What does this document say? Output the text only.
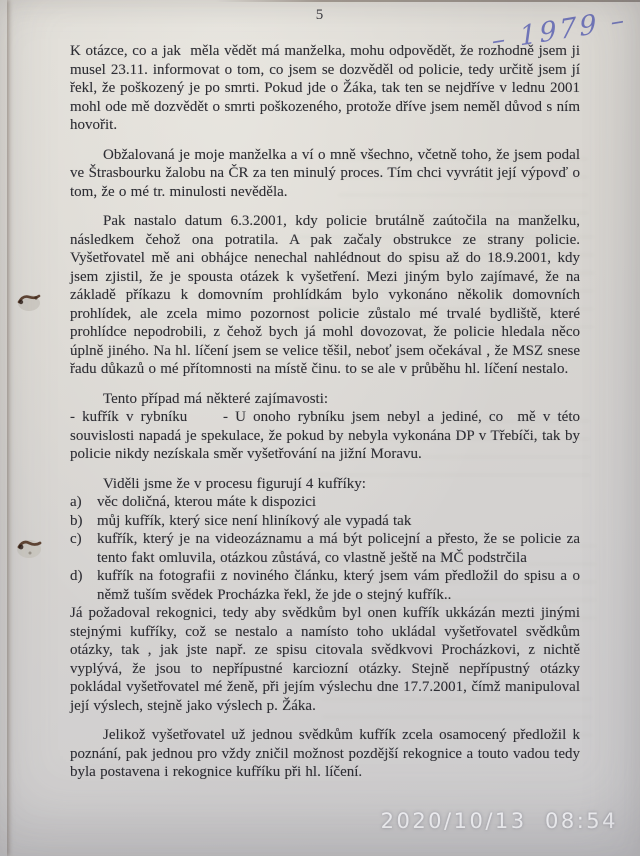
5	– 1979 –

K otázce, co a jak  měla vědět má manželka, mohu odpovědět, že rozhodně jsem ji musel 23.11. informovat o tom, co jsem se dozvěděl od policie, tedy určitě jsem jí řekl, že poškozený je po smrti. Pokud jde o Žáka, tak ten se nejdříve v lednu 2001 mohl ode mě dozvědět o smrti poškozeného, protože dříve jsem neměl důvod s ním hovořit.

Obžalovaná je moje manželka a ví o mně všechno, včetně toho, že jsem podal ve Štrasbourku žalobu na ČR za ten minulý proces. Tím chci vyvrátit její výpovď o tom, že o mé tr. minulosti nevěděla.

Pak nastalo datum 6.3.2001, kdy policie brutálně zaútočila na manželku, následkem čehož ona potratila. A pak začaly obstrukce ze strany policie. Vyšetřovatel mě ani obhájce nenechal nahlédnout do spisu až do 18.9.2001, kdy jsem zjistil, že je spousta otázek k vyšetření. Mezi jiným bylo zajímavé, že na základě příkazu k domovním prohlídkám bylo vykonáno několik domovních prohlídek, ale zcela mimo pozornost policie zůstalo mé trvalé bydliště, které prohlídce nepodrobili, z čehož bych já mohl dovozovat, že policie hledala něco úplně jiného. Na hl. líčení jsem se velice těšil, neboť jsem očekával , že MSZ snese řadu důkazů o mé přítomnosti na místě činu. to se ale v průběhu hl. líčení nestalo.

Tento případ má některé zajímavosti:

- kufřík v rybníku     - U onoho rybníku jsem nebyl a jediné, co  mě v této souvislosti napadá je spekulace, že pokud by nebyla vykonána DP v Třebíči, tak by policie nikdy nezískala směr vyšetřování na jižní Moravu.

Viděli jsme že v procesu figurují 4 kufříky:

a)	věc doličná, kterou máte k dispozici
b) můj kufřík, který sice není hliníkový ale vypadá tak
c)	kufřík, který je na videozáznamu a má být policejní a přesto, že se policie za tento fakt omluvila, otázkou zůstává, co vlastně ještě na MČ podstrčila
d) kufřík na fotografii z noviného článku, který jsem vám předložil do spisu a o němž tuším svědek Procházka řekl, že jde o stejný kufřík..

Já požadoval rekognici, tedy aby svědkům byl onen kufřík ukkázán mezti jinými stejnými kufříky, což se nestalo a namísto toho ukládal vyšetřovatel svědkům otázky, tak , jak jste např. ze spisu citovala svědkvovi Procházkovi, z nichtě vyplývá, že jsou to nepřípustné karciozní otázky. Stejně nepřípustný otázky pokládal vyšetřovatel mé ženě, při jejím výslechu dne 17.7.2001, čímž manipuloval její výslech, stejně jako výslech p. Žáka.

Jelikož vyšetřovatel už jednou svědkům kufřík zcela osamocený předložil k poznání, pak jednou pro vždy zničil možnost pozdější rekognice a touto vadou tedy byla postavena i rekognice kufříku při hl. líčení.

2020/10/13  08:54
